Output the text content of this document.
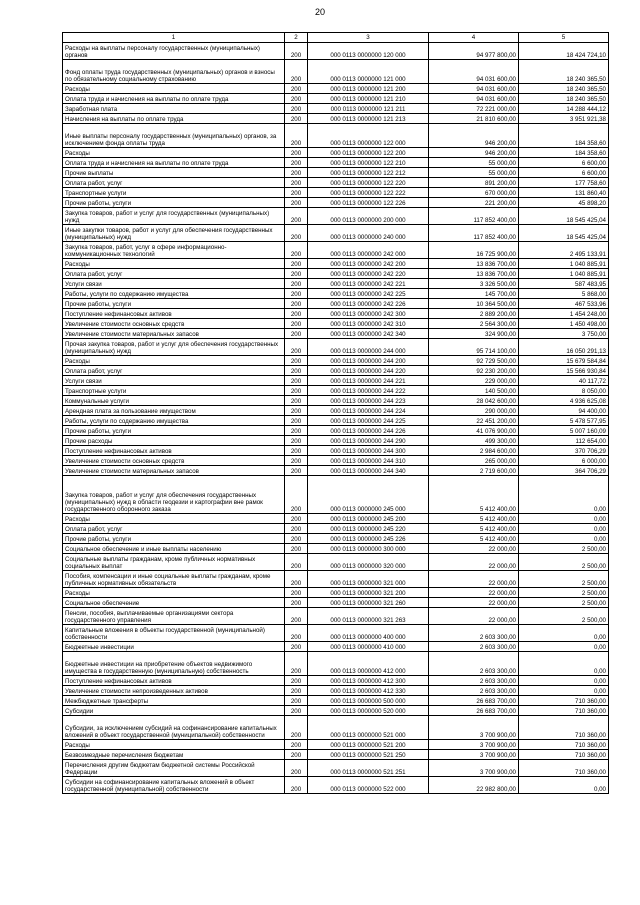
20
1	2	3	4	5
Расходы на выплаты персоналу государственных (муниципальных) органов	200	000 0113 0000000 120 000	94 977 800,00	18 424 724,10
Фонд оплаты труда государственных (муниципальных) органов и взносы по обязательному социальному страхованию	200	000 0113 0000000 121 000	94 031 600,00	18 240 365,50
Расходы	200	000 0113 0000000 121 200	94 031 600,00	18 240 365,50
Оплата труда и начисления на выплаты по оплате труда	200	000 0113 0000000 121 210	94 031 600,00	18 240 365,50
Заработная плата	200	000 0113 0000000 121 211	72 221 000,00	14 288 444,12
Начисления на выплаты по оплате труда	200	000 0113 0000000 121 213	21 810 600,00	3 951 921,38
Иные выплаты персоналу государственных (муниципальных) органов, за исключением фонда оплаты труда	200	000 0113 0000000 122 000	946 200,00	184 358,60
Расходы	200	000 0113 0000000 122 200	946 200,00	184 358,60
Оплата труда и начисления на выплаты по оплате труда	200	000 0113 0000000 122 210	55 000,00	6 600,00
Прочие выплаты	200	000 0113 0000000 122 212	55 000,00	6 600,00
Оплата работ, услуг	200	000 0113 0000000 122 220	891 200,00	177 758,60
Транспортные услуги	200	000 0113 0000000 122 222	670 000,00	131 860,40
Прочие работы, услуги	200	000 0113 0000000 122 226	221 200,00	45 898,20
Закупка товаров, работ и услуг для государственных (муниципальных) нужд	200	000 0113 0000000 200 000	117 852 400,00	18 545 425,04
Иные закупки товаров, работ и услуг для обеспечения государственных (муниципальных) нужд	200	000 0113 0000000 240 000	117 852 400,00	18 545 425,04
Закупка товаров, работ, услуг в сфере информационно-коммуникационных технологий	200	000 0113 0000000 242 000	16 725 900,00	2 495 133,91
Расходы	200	000 0113 0000000 242 200	13 836 700,00	1 040 885,91
Оплата работ, услуг	200	000 0113 0000000 242 220	13 836 700,00	1 040 885,91
Услуги связи	200	000 0113 0000000 242 221	3 326 500,00	587 483,95
Работы, услуги по содержанию имущества	200	000 0113 0000000 242 225	145 700,00	5 868,00
Прочие работы, услуги	200	000 0113 0000000 242 226	10 364 500,00	467 533,96
Поступление нефинансовых активов	200	000 0113 0000000 242 300	2 889 200,00	1 454 248,00
Увеличение стоимости основных средств	200	000 0113 0000000 242 310	2 564 300,00	1 450 498,00
Увеличение стоимости материальных запасов	200	000 0113 0000000 242 340	324 900,00	3 750,00
Прочая закупка товаров, работ и услуг для обеспечения государственных (муниципальных) нужд	200	000 0113 0000000 244 000	95 714 100,00	16 050 291,13
Расходы	200	000 0113 0000000 244 200	92 729 500,00	15 679 584,84
Оплата работ, услуг	200	000 0113 0000000 244 220	92 230 200,00	15 566 930,84
Услуги связи	200	000 0113 0000000 244 221	229 000,00	40 117,72
Транспортные услуги	200	000 0113 0000000 244 222	140 500,00	8 050,00
Коммунальные услуги	200	000 0113 0000000 244 223	28 042 600,00	4 936 625,08
Арендная плата за пользование имуществом	200	000 0113 0000000 244 224	290 000,00	94 400,00
Работы, услуги по содержанию имущества	200	000 0113 0000000 244 225	22 451 200,00	5 478 577,95
Прочие работы, услуги	200	000 0113 0000000 244 226	41 076 900,00	5 007 160,09
Прочие расходы	200	000 0113 0000000 244 290	499 300,00	112 654,00
Поступление нефинансовых активов	200	000 0113 0000000 244 300	2 984 600,00	370 706,29
Увеличение стоимости основных средств	200	000 0113 0000000 244 310	265 000,00	6 000,00
Увеличение стоимости материальных запасов	200	000 0113 0000000 244 340	2 719 600,00	364 706,29
Закупка товаров, работ и услуг для обеспечения государственных (муниципальных) нужд в области геодезии и картографии вне рамок государственного оборонного заказа	200	000 0113 0000000 245 000	5 412 400,00	0,00
Расходы	200	000 0113 0000000 245 200	5 412 400,00	0,00
Оплата работ, услуг	200	000 0113 0000000 245 220	5 412 400,00	0,00
Прочие работы, услуги	200	000 0113 0000000 245 226	5 412 400,00	0,00
Социальное обеспечение и иные выплаты населению	200	000 0113 0000000 300 000	22 000,00	2 500,00
Социальные выплаты гражданам, кроме публичных нормативных социальных выплат	200	000 0113 0000000 320 000	22 000,00	2 500,00
Пособия, компенсации и иные социальные выплаты гражданам, кроме публичных нормативных обязательств	200	000 0113 0000000 321 000	22 000,00	2 500,00
Расходы	200	000 0113 0000000 321 200	22 000,00	2 500,00
Социальное обеспечение	200	000 0113 0000000 321 260	22 000,00	2 500,00
Пенсии, пособия, выплачиваемые организациями сектора государственного управления	200	000 0113 0000000 321 263	22 000,00	2 500,00
Капитальные вложения в объекты государственной (муниципальной) собственности	200	000 0113 0000000 400 000	2 603 300,00	0,00
Бюджетные инвестиции	200	000 0113 0000000 410 000	2 603 300,00	0,00
Бюджетные инвестиции на приобретение объектов недвижимого имущества в государственную (муниципальную) собственность	200	000 0113 0000000 412 000	2 603 300,00	0,00
Поступление нефинансовых активов	200	000 0113 0000000 412 300	2 603 300,00	0,00
Увеличение стоимости непроизведенных активов	200	000 0113 0000000 412 330	2 603 300,00	0,00
Межбюджетные трансферты	200	000 0113 0000000 500 000	26 683 700,00	710 360,00
Субсидии	200	000 0113 0000000 520 000	26 683 700,00	710 360,00
Субсидии, за исключением субсидий на софинансирование капитальных вложений в объект государственной (муниципальной) собственности	200	000 0113 0000000 521 000	3 700 900,00	710 360,00
Расходы	200	000 0113 0000000 521 200	3 700 900,00	710 360,00
Безвозмездные перечисления бюджетам	200	000 0113 0000000 521 250	3 700 900,00	710 360,00
Перечисления другим бюджетам бюджетной системы Российской Федерации	200	000 0113 0000000 521 251	3 700 900,00	710 360,00
Субсидии на софинансирование капитальных вложений в объект государственной (муниципальной) собственности	200	000 0113 0000000 522 000	22 982 800,00	0,00
